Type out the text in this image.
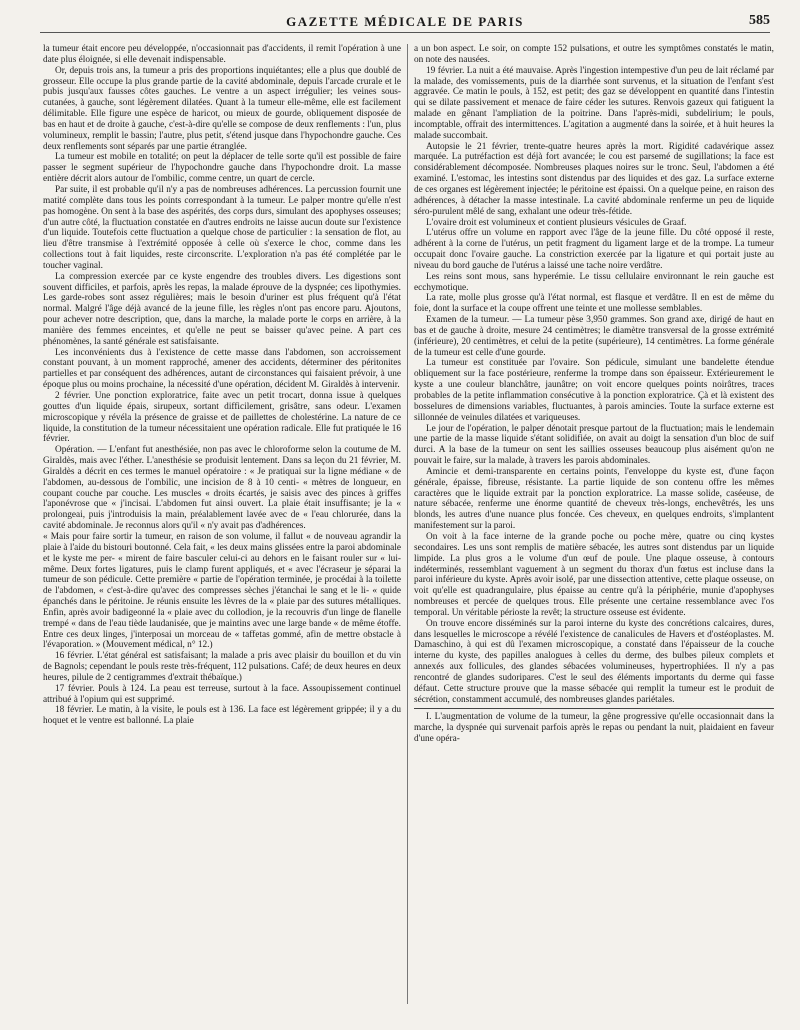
GAZETTE MÉDICALE DE PARIS	585

la tumeur était encore peu développée, n'occasionnait pas d'accidents, il remit l'opération à une date plus éloignée, si elle devenait indispensable.

Or, depuis trois ans, la tumeur a pris des proportions inquiétantes; elle a plus que doublé de grosseur. Elle occupe la plus grande partie de la cavité abdominale, depuis l'arcade crurale et le pubis jusqu'aux fausses côtes gauches. Le ventre a un aspect irrégulier; les veines sous-cutanées, à gauche, sont légèrement dilatées. Quant à la tumeur elle-même, elle est facilement délimitable. Elle figure une espèce de haricot, ou mieux de gourde, obliquement disposée de bas en haut et de droite à gauche, c'est-à-dire qu'elle se compose de deux renflements : l'un, plus volumineux, remplit le bassin; l'autre, plus petit, s'étend jusque dans l'hypochondre gauche. Ces deux renflements sont séparés par une partie étranglée.

La tumeur est mobile en totalité; on peut la déplacer de telle sorte qu'il est possible de faire passer le segment supérieur de l'hypochondre gauche dans l'hypochondre droit. La masse entière décrit alors autour de l'ombilic, comme centre, un quart de cercle.

Par suite, il est probable qu'il n'y a pas de nombreuses adhérences. La percussion fournit une matité complète dans tous les points correspondant à la tumeur. Le palper montre qu'elle n'est pas homogène. On sent à la base des aspérités, des corps durs, simulant des apophyses osseuses; d'un autre côté, la fluctuation constatée en d'autres endroits ne laisse aucun doute sur l'existence d'un liquide. Toutefois cette fluctuation a quelque chose de particulier : la sensation de flot, au lieu d'être transmise à l'extrémité opposée à celle où s'exerce le choc, comme dans les collections tout à fait liquides, reste circonscrite. L'exploration n'a pas été complétée par le toucher vaginal.

La compression exercée par ce kyste engendre des troubles divers. Les digestions sont souvent difficiles, et parfois, après les repas, la malade éprouve de la dyspnée; ces lipothymies. Les garde-robes sont assez régulières; mais le besoin d'uriner est plus fréquent qu'à l'état normal. Malgré l'âge déjà avancé de la jeune fille, les règles n'ont pas encore paru. Ajoutons, pour achever notre description, que, dans la marche, la malade porte le corps en arrière, à la manière des femmes enceintes, et qu'elle ne peut se baisser qu'avec peine. A part ces phénomènes, la santé générale est satisfaisante.

Les inconvénients dus à l'existence de cette masse dans l'abdomen, son accroissement constant pouvant, à un moment rapproché, amener des accidents, déterminer des péritonites partielles et par conséquent des adhérences, autant de circonstances qui faisaient prévoir, à une époque plus ou moins prochaine, la nécessité d'une opération, décident M. Giraldès à intervenir.

2 février. Une ponction exploratrice, faite avec un petit trocart, donna issue à quelques gouttes d'un liquide épais, sirupeux, sortant difficilement, grisâtre, sans odeur. L'examen microscopique y révéla la présence de graisse et de paillettes de cholestérine. La nature de ce liquide, la constitution de la tumeur nécessitaient une opération radicale. Elle fut pratiquée le 16 février.

Opération. — L'enfant fut anesthésiée, non pas avec le chloroforme selon la coutume de M. Giraldès, mais avec l'éther. L'anesthésie se produisit lentement. Dans sa leçon du 21 février, M. Giraldès a décrit en ces termes le manuel opératoire : « Je pratiquai sur la ligne médiane « de l'abdomen, au-dessous de l'ombilic, une incision de 8 à 10 centi- « mètres de longueur, en coupant couche par couche. Les muscles « droits écartés, je saisis avec des pinces à griffes l'aponévrose que « j'incisai. L'abdomen fut ainsi ouvert. La plaie était insuffisante; je la « prolongeai, puis j'introduisis la main, préalablement lavée avec de « l'eau chlorurée, dans la cavité abdominale. Je reconnus alors qu'il « n'y avait pas d'adhérences.

« Mais pour faire sortir la tumeur, en raison de son volume, il fallut « de nouveau agrandir la plaie à l'aide du bistouri boutonné. Cela fait, « les deux mains glissées entre la paroi abdominale et le kyste me per- « mirent de faire basculer celui-ci au dehors en le faisant rouler sur « lui-même. Deux fortes ligatures, puis le clamp furent appliqués, et « avec l'écraseur je séparai la tumeur de son pédicule. Cette première « partie de l'opération terminée, je procédai à la toilette de l'abdomen, « c'est-à-dire qu'avec des compresses sèches j'étanchai le sang et le li- « quide épanchés dans le péritoine. Je réunis ensuite les lèvres de la « plaie par des sutures métalliques. Enfin, après avoir badigeonné la « plaie avec du collodion, je la recouvris d'un linge de flanelle trempé « dans de l'eau tiède laudanisée, que je maintins avec une large bande « de même étoffe. Entre ces deux linges, j'interposai un morceau de « taffetas gommé, afin de mettre obstacle à l'évaporation. » (Mouvement médical, n° 12.)

16 février. L'état général est satisfaisant; la malade a pris avec plaisir du bouillon et du vin de Bagnols; cependant le pouls reste très-fréquent, 112 pulsations. Café; de deux heures en deux heures, pilule de 2 centigrammes d'extrait thébaïque.)

17 février. Pouls à 124. La peau est terreuse, surtout à la face. Assoupissement continuel attribué à l'opium qui est supprimé.

18 février. Le matin, à la visite, le pouls est à 136. La face est légèrement grippée; il y a du hoquet et le ventre est ballonné. La plaie

a un bon aspect. Le soir, on compte 152 pulsations, et outre les symptômes constatés le matin, on note des nausées.

19 février. La nuit a été mauvaise. Après l'ingestion intempestive d'un peu de lait réclamé par la malade, des vomissements, puis de la diarrhée sont survenus, et la situation de l'enfant s'est aggravée. Ce matin le pouls, à 152, est petit; des gaz se développent en quantité dans l'intestin qui se dilate passivement et menace de faire céder les sutures. Renvois gazeux qui fatiguent la malade en gênant l'ampliation de la poitrine. Dans l'après-midi, subdelirium; le pouls, incomptable, offrait des intermittences. L'agitation a augmenté dans la soirée, et à huit heures la malade succombait.

Autopsie le 21 février, trente-quatre heures après la mort. Rigidité cadavérique assez marquée. La putréfaction est déjà fort avancée; le cou est parsemé de sugillations; la face est considérablement décomposée. Nombreuses plaques noires sur le tronc. Seul, l'abdomen a été examiné. L'estomac, les intestins sont distendus par des liquides et des gaz. La surface externe de ces organes est légèrement injectée; le péritoine est épaissi. On a quelque peine, en raison des adhérences, à détacher la masse intestinale. La cavité abdominale renferme un peu de liquide séro-purulent mêlé de sang, exhalant une odeur très-fétide.

L'ovaire droit est volumineux et contient plusieurs vésicules de Graaf.

L'utérus offre un volume en rapport avec l'âge de la jeune fille. Du côté opposé il reste, adhérent à la corne de l'utérus, un petit fragment du ligament large et de la trompe. La tumeur occupait donc l'ovaire gauche. La constriction exercée par la ligature et qui portait juste au niveau du bord gauche de l'utérus a laissé une tache noire verdâtre.

Les reins sont mous, sans hyperémie. Le tissu cellulaire environnant le rein gauche est ecchymotique.

La rate, molle plus grosse qu'à l'état normal, est flasque et verdâtre. Il en est de même du foie, dont la surface et la coupe offrent une teinte et une mollesse semblables.

Examen de la tumeur. — La tumeur pèse 3,950 grammes. Son grand axe, dirigé de haut en bas et de gauche à droite, mesure 24 centimètres; le diamètre transversal de la grosse extrémité (inférieure), 20 centimètres, et celui de la petite (supérieure), 14 centimètres. La forme générale de la tumeur est celle d'une gourde.

La tumeur est constituée par l'ovaire. Son pédicule, simulant une bandelette étendue obliquement sur la face postérieure, renferme la trompe dans son épaisseur. Extérieurement le kyste a une couleur blanchâtre, jaunâtre; on voit encore quelques points noirâtres, traces probables de la petite inflammation consécutive à la ponction exploratrice. Çà et là existent des bosselures de dimensions variables, fluctuantes, à parois amincies. Toute la surface externe est sillonnée de veinules dilatées et variqueuses.

Le jour de l'opération, le palper dénotait presque partout de la fluctuation; mais le lendemain une partie de la masse liquide s'étant solidifiée, on avait au doigt la sensation d'un bloc de suif durci. A la base de la tumeur on sent les saillies osseuses beaucoup plus aisément qu'on ne pouvait le faire, sur la malade, à travers les parois abdominales.

Amincie et demi-transparente en certains points, l'enveloppe du kyste est, d'une façon générale, épaisse, fibreuse, résistante. La partie liquide de son contenu offre les mêmes caractères que le liquide extrait par la ponction exploratrice. La masse solide, caséeuse, de nature sébacée, renferme une énorme quantité de cheveux très-longs, enchevêtrés, les uns blonds, les autres d'une nuance plus foncée. Ces cheveux, en quelques endroits, s'implantent manifestement sur la paroi.

On voit à la face interne de la grande poche ou poche mère, quatre ou cinq kystes secondaires. Les uns sont remplis de matière sébacée, les autres sont distendus par un liquide limpide. La plus gros a le volume d'un œuf de poule. Une plaque osseuse, à contours indéterminés, ressemblant vaguement à un segment du thorax d'un fœtus est incluse dans la paroi inférieure du kyste. Après avoir isolé, par une dissection attentive, cette plaque osseuse, on voit qu'elle est quadrangulaire, plus épaisse au centre qu'à la périphérie, munie d'apophyses nombreuses et percée de quelques trous. Elle présente une certaine ressemblance avec l'os temporal. Un véritable périoste la revêt; la structure osseuse est évidente.

On trouve encore disséminés sur la paroi interne du kyste des concrétions calcaires, dures, dans lesquelles le microscope a révélé l'existence de canalicules de Havers et d'ostéoplastes. M. Damaschino, à qui est dû l'examen microscopique, a constaté dans l'épaisseur de la couche interne du kyste, des papilles analogues à celles du derme, des bulbes pileux complets et annexés aux follicules, des glandes sébacées volumineuses, hypertrophiées. Il n'y a pas rencontré de glandes sudoripares. C'est le seul des éléments importants du derme qui fasse défaut. Cette structure prouve que la masse sébacée qui remplit la tumeur est le produit de sécrétion, constamment accumulé, des nombreuses glandes pariétales.

I. L'augmentation de volume de la tumeur, la gêne progressive qu'elle occasionnait dans la marche, la dyspnée qui survenait parfois après le repas ou pendant la nuit, plaidaient en faveur d'une opéra-
